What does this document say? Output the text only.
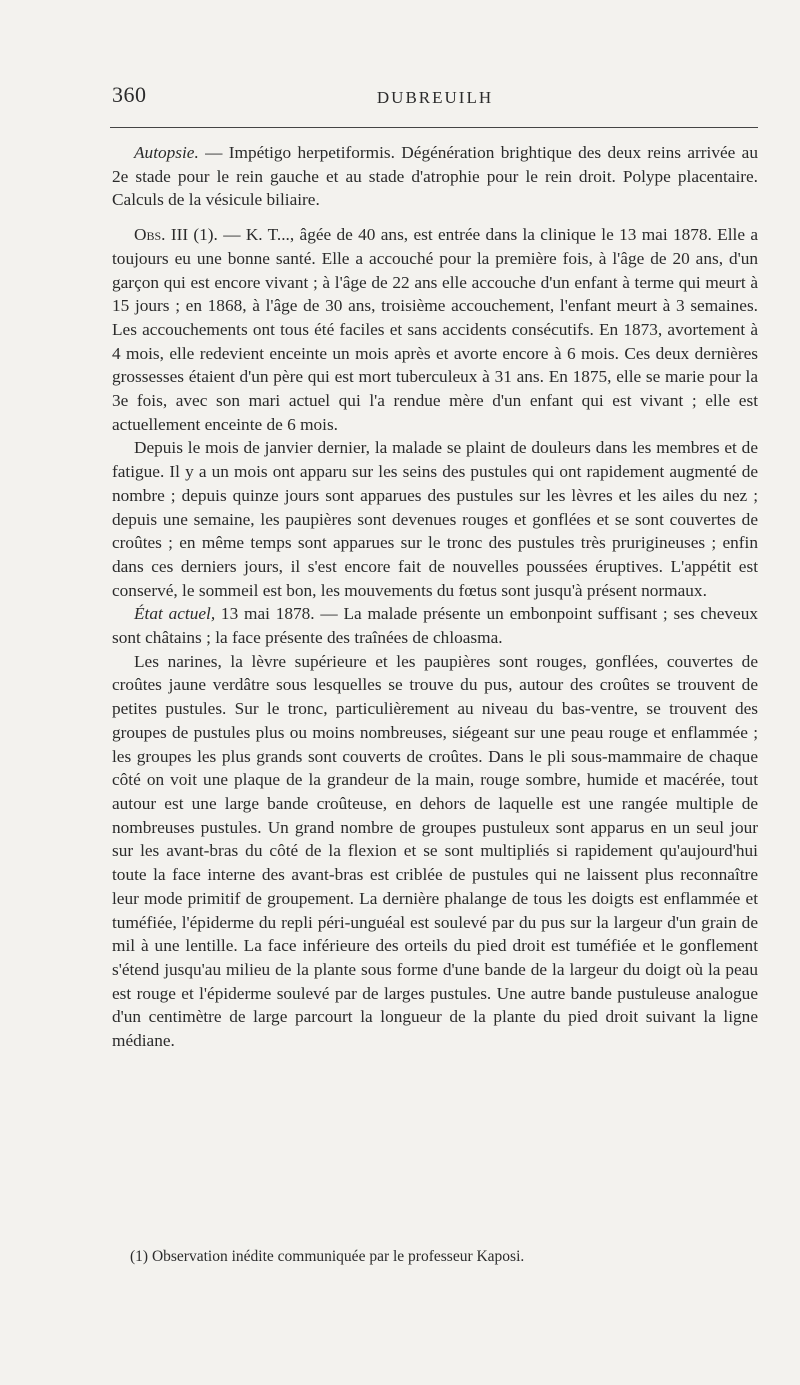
360	DUBREUILH

Autopsie. — Impétigo herpetiformis. Dégénération brightique des deux reins arrivée au 2e stade pour le rein gauche et au stade d'atrophie pour le rein droit. Polype placentaire. Calculs de la vésicule biliaire.

Obs. III (1). — K. T..., âgée de 40 ans, est entrée dans la clinique le 13 mai 1878. Elle a toujours eu une bonne santé. Elle a accouché pour la première fois, à l'âge de 20 ans, d'un garçon qui est encore vivant ; à l'âge de 22 ans elle accouche d'un enfant à terme qui meurt à 15 jours ; en 1868, à l'âge de 30 ans, troisième accouchement, l'enfant meurt à 3 semaines. Les accouchements ont tous été faciles et sans accidents consécutifs. En 1873, avortement à 4 mois, elle redevient enceinte un mois après et avorte encore à 6 mois. Ces deux dernières grossesses étaient d'un père qui est mort tuberculeux à 31 ans. En 1875, elle se marie pour la 3e fois, avec son mari actuel qui l'a rendue mère d'un enfant qui est vivant ; elle est actuellement enceinte de 6 mois.

Depuis le mois de janvier dernier, la malade se plaint de douleurs dans les membres et de fatigue. Il y a un mois ont apparu sur les seins des pustules qui ont rapidement augmenté de nombre ; depuis quinze jours sont apparues des pustules sur les lèvres et les ailes du nez ; depuis une semaine, les paupières sont devenues rouges et gonflées et se sont couvertes de croûtes ; en même temps sont apparues sur le tronc des pustules très prurigineuses ; enfin dans ces derniers jours, il s'est encore fait de nouvelles poussées éruptives. L'appétit est conservé, le sommeil est bon, les mouvements du fœtus sont jusqu'à présent normaux.

État actuel, 13 mai 1878. — La malade présente un embonpoint suffisant ; ses cheveux sont châtains ; la face présente des traînées de chloasma.

Les narines, la lèvre supérieure et les paupières sont rouges, gonflées, couvertes de croûtes jaune verdâtre sous lesquelles se trouve du pus, autour des croûtes se trouvent de petites pustules. Sur le tronc, particulièrement au niveau du bas-ventre, se trouvent des groupes de pustules plus ou moins nombreuses, siégeant sur une peau rouge et enflammée ; les groupes les plus grands sont couverts de croûtes. Dans le pli sous-mammaire de chaque côté on voit une plaque de la grandeur de la main, rouge sombre, humide et macérée, tout autour est une large bande croûteuse, en dehors de laquelle est une rangée multiple de nombreuses pustules. Un grand nombre de groupes pustuleux sont apparus en un seul jour sur les avant-bras du côté de la flexion et se sont multipliés si rapidement qu'aujourd'hui toute la face interne des avant-bras est criblée de pustules qui ne laissent plus reconnaître leur mode primitif de groupement. La dernière phalange de tous les doigts est enflammée et tuméfiée, l'épiderme du repli péri-unguéal est soulevé par du pus sur la largeur d'un grain de mil à une lentille. La face inférieure des orteils du pied droit est tuméfiée et le gonflement s'étend jusqu'au milieu de la plante sous forme d'une bande de la largeur du doigt où la peau est rouge et l'épiderme soulevé par de larges pustules. Une autre bande pustuleuse analogue d'un centimètre de large parcourt la longueur de la plante du pied droit suivant la ligne médiane.

(1) Observation inédite communiquée par le professeur Kaposi.
